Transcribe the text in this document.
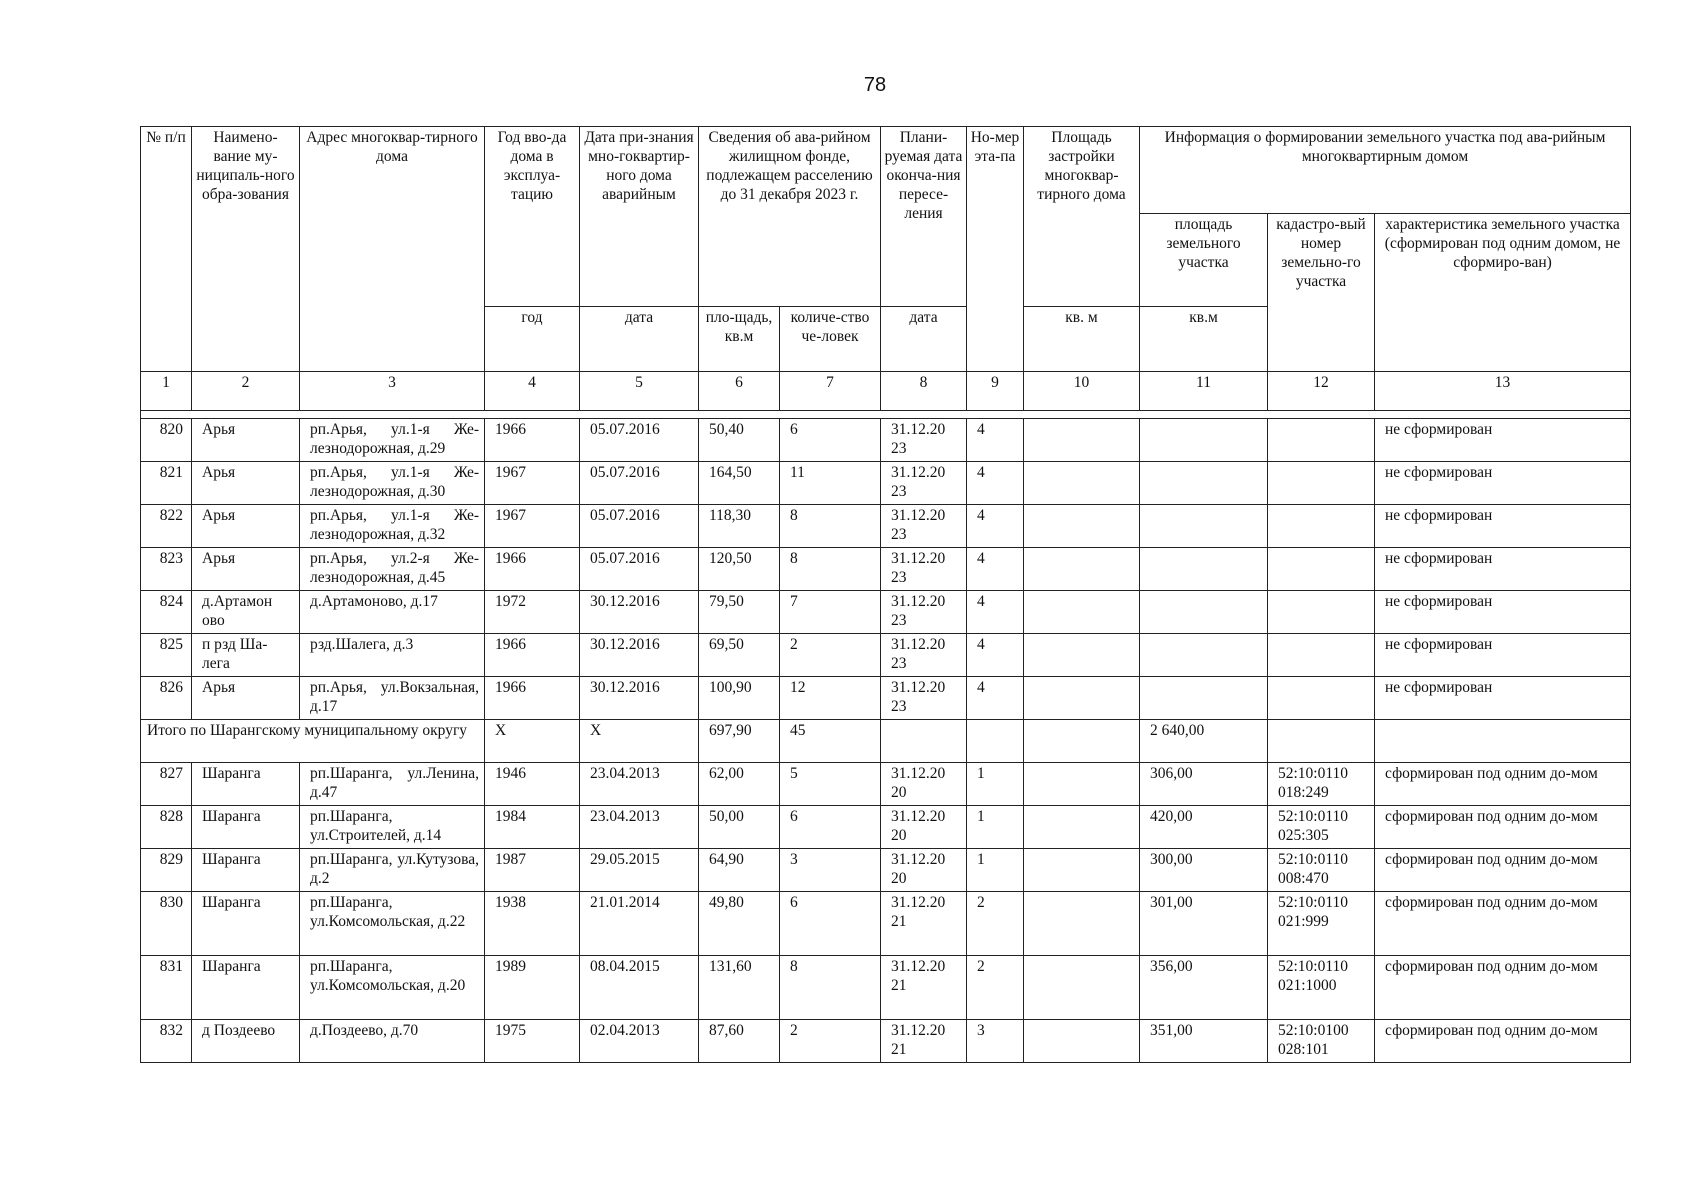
78
№ п/п	Наимено-вание му-ниципаль-ного обра-зования	Адрес многоквар-тирного дома	Год вво-да дома в эксплуа-тацию	Дата при-знания мно-гоквартир-ного дома аварийным	Сведения об ава-рийном жилищном фонде, подлежащем расселению до 31 декабря 2023 г.		Плани-руемая дата оконча-ния пересе-ления	Но-мер эта-па	Площадь застройки многоквар-тирного дома	Информация о формировании земельного участка под ава-рийным многоквартирным домом		
										площадь земельного участка	кадастро-вый номер земельно-го участка	характеристика земельного участка (сформирован под одним домом, не сформиро-ван)
			год	дата	пло-щадь, кв.м	количе-ство че-ловек	дата		кв. м	кв.м		
1	2	3	4	5	6	7	8	9	10	11	12	13

820	Арья	рп.Арья, ул.1-я Же-лезнодорожная, д.29	1966	05.07.2016	50,40	6	31.12.20 23	4				не сформирован
821	Арья	рп.Арья, ул.1-я Же-лезнодорожная, д.30	1967	05.07.2016	164,50	11	31.12.20 23	4				не сформирован
822	Арья	рп.Арья, ул.1-я Же-лезнодорожная, д.32	1967	05.07.2016	118,30	8	31.12.20 23	4				не сформирован
823	Арья	рп.Арья, ул.2-я Же-лезнодорожная, д.45	1966	05.07.2016	120,50	8	31.12.20 23	4				не сформирован
824	д.Артамон ово	д.Артамоново, д.17	1972	30.12.2016	79,50	7	31.12.20 23	4				не сформирован
825	п рзд Ша-лега	рзд.Шалега, д.3	1966	30.12.2016	69,50	2	31.12.20 23	4				не сформирован
826	Арья	рп.Арья, ул.Вокзальная, д.17	1966	30.12.2016	100,90	12	31.12.20 23	4				не сформирован
Итого по Шарангскому муниципальному округу			X	X	697,90	45				2 640,00		
827	Шаранга	рп.Шаранга, ул.Ленина, д.47	1946	23.04.2013	62,00	5	31.12.20 20	1		306,00	52:10:0110 018:249	сформирован под одним до-мом
828	Шаранга	рп.Шаранга, ул.Строителей, д.14	1984	23.04.2013	50,00	6	31.12.20 20	1		420,00	52:10:0110 025:305	сформирован под одним до-мом
829	Шаранга	рп.Шаранга, ул.Кутузова, д.2	1987	29.05.2015	64,90	3	31.12.20 20	1		300,00	52:10:0110 008:470	сформирован под одним до-мом
830	Шаранга	рп.Шаранга, ул.Комсомольская, д.22	1938	21.01.2014	49,80	6	31.12.20 21	2		301,00	52:10:0110 021:999	сформирован под одним до-мом
831	Шаранга	рп.Шаранга, ул.Комсомольская, д.20	1989	08.04.2015	131,60	8	31.12.20 21	2		356,00	52:10:0110 021:1000	сформирован под одним до-мом
832	д Поздеево	д.Поздеево, д.70	1975	02.04.2013	87,60	2	31.12.20 21	3		351,00	52:10:0100 028:101	сформирован под одним до-мом
